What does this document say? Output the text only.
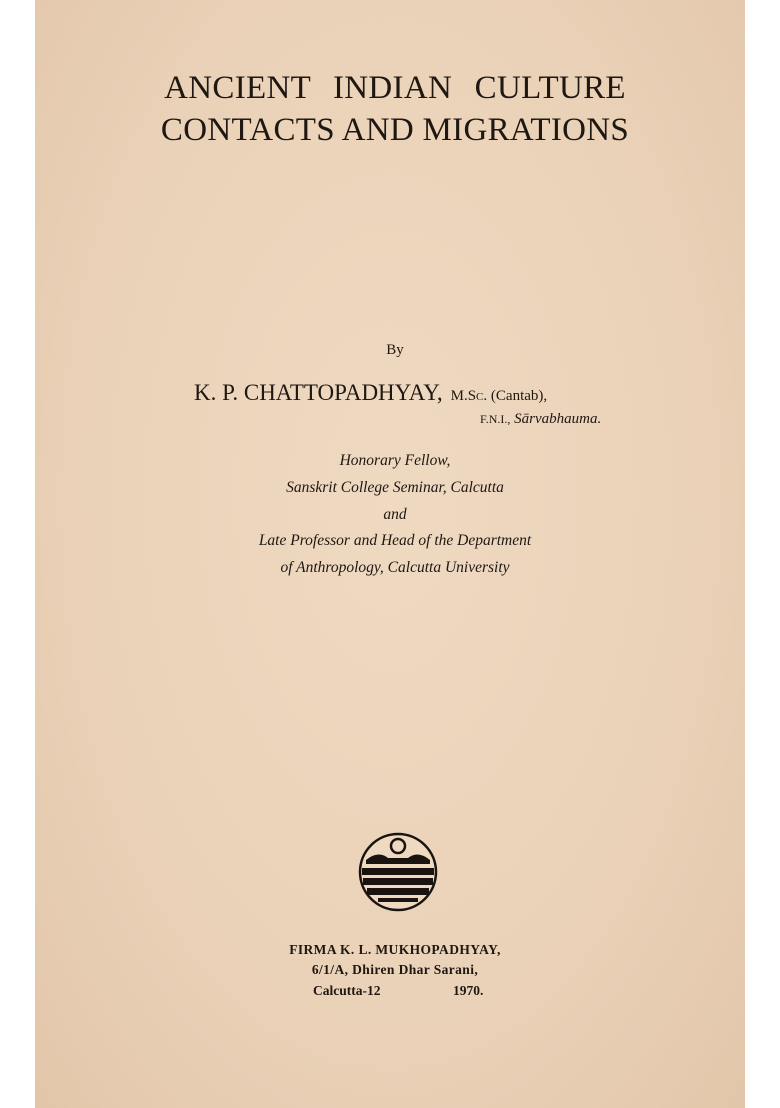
ANCIENT INDIAN CULTURE
CONTACTS AND MIGRATIONS
By
K. P. CHATTOPADHYAY, M.Sc. (Cantab),
F.N.I., Sārvabhauma.
Honorary Fellow,
Sanskrit College Seminar, Calcutta
and
Late Professor and Head of the Department
of Anthropology, Calcutta University
FIRMA K. L. MUKHOPADHYAY,
6/1/A, Dhiren Dhar Sarani,
Calcutta-12	1970.
